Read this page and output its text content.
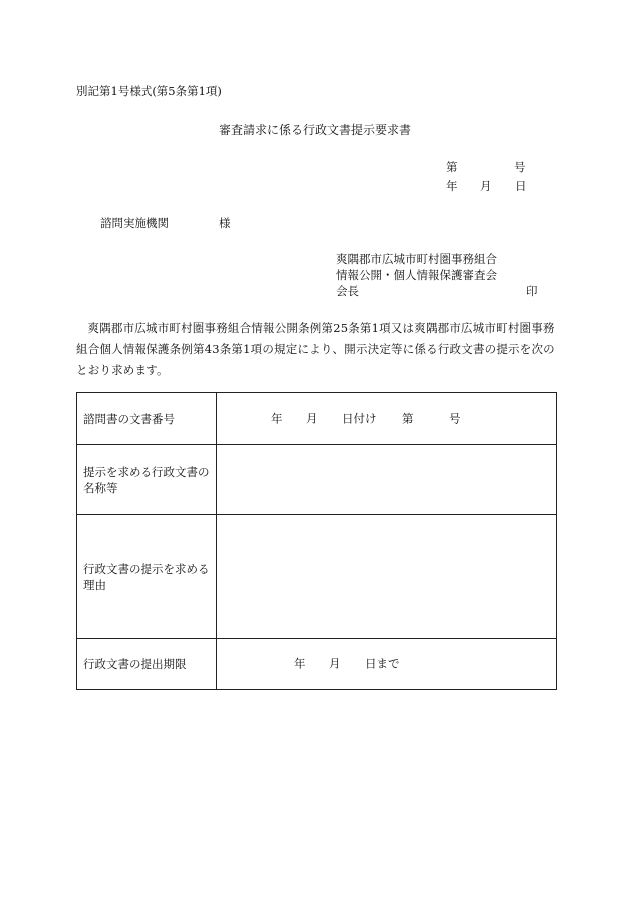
別記第1号様式(第5条第1項)
審査請求に係る行政文書提示要求書
第	号
年 月 日
諮問実施機関	様
爽隅郡市広城市町村圏事務組合
情報公開・個人情報保護審査会
会長	印
爽隅郡市広城市町村圏事務組合情報公開条例第25条第1項又は爽隅郡市広城市町村圏事務組合個人情報保護条例第43条第1項の規定により、開示決定等に係る行政文書の提示を次のとおり求めます。
諮問書の文書番号	年 月 日付け 第 号

提示を求める行政文書の名称等	
行政文書の提示を求める理由	
行政文書の提出期限	年 月 日まで
